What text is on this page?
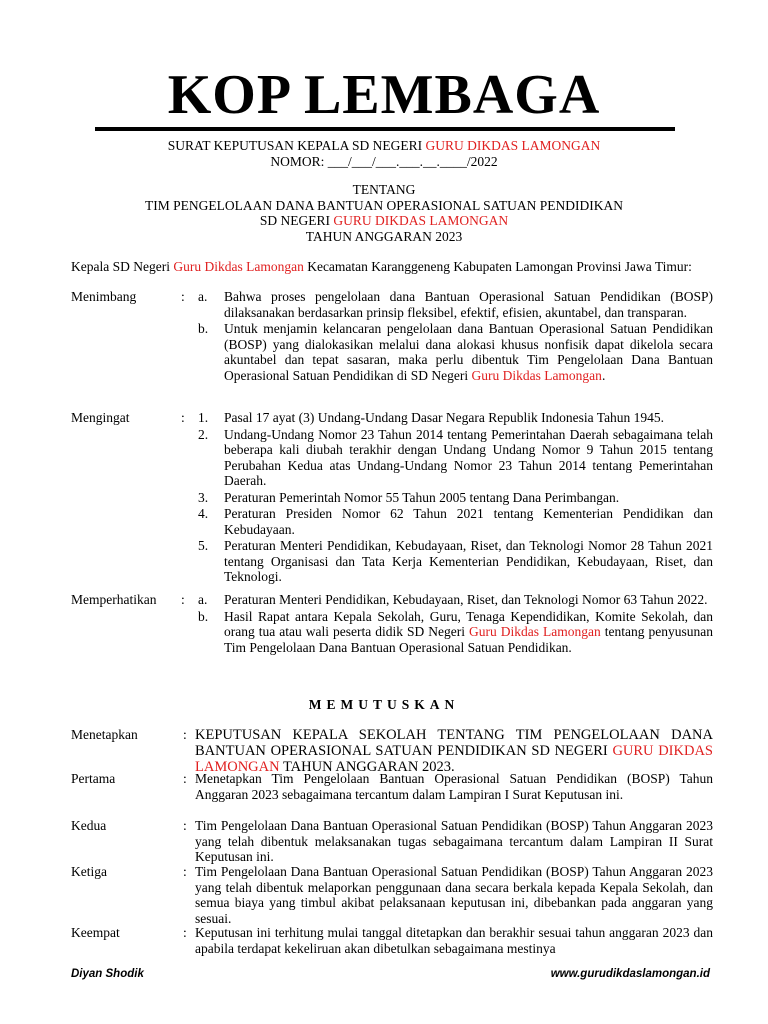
KOP LEMBAGA
SURAT KEPUTUSAN KEPALA SD NEGERI GURU DIKDAS LAMONGAN
NOMOR: ___/___/___.___.__.____/2022
TENTANG
TIM PENGELOLAAN DANA BANTUAN OPERASIONAL SATUAN PENDIDIKAN
SD NEGERI GURU DIKDAS LAMONGAN
TAHUN ANGGARAN 2023
Kepala SD Negeri Guru Dikdas Lamongan Kecamatan Karanggeneng Kabupaten Lamongan Provinsi Jawa Timur:
Menimbang	: a.	Bahwa proses pengelolaan dana Bantuan Operasional Satuan Pendidikan (BOSP) dilaksanakan berdasarkan prinsip fleksibel, efektif, efisien, akuntabel, dan transparan.
b.	Untuk menjamin kelancaran pengelolaan dana Bantuan Operasional Satuan Pendidikan (BOSP) yang dialokasikan melalui dana alokasi khusus nonfisik dapat dikelola secara akuntabel dan tepat sasaran, maka perlu dibentuk Tim Pengelolaan Dana Bantuan Operasional Satuan Pendidikan di SD Negeri Guru Dikdas Lamongan.
Mengingat	: 1.	Pasal 17 ayat (3) Undang-Undang Dasar Negara Republik Indonesia Tahun 1945.
2.	Undang-Undang Nomor 23 Tahun 2014 tentang Pemerintahan Daerah sebagaimana telah beberapa kali diubah terakhir dengan Undang Undang Nomor 9 Tahun 2015 tentang Perubahan Kedua atas Undang-Undang Nomor 23 Tahun 2014 tentang Pemerintahan Daerah.
3.	Peraturan Pemerintah Nomor 55 Tahun 2005 tentang Dana Perimbangan.
4.	Peraturan Presiden Nomor 62 Tahun 2021 tentang Kementerian Pendidikan dan Kebudayaan.
5.	Peraturan Menteri Pendidikan, Kebudayaan, Riset, dan Teknologi Nomor 28 Tahun 2021 tentang Organisasi dan Tata Kerja Kementerian Pendidikan, Kebudayaan, Riset, dan Teknologi.
Memperhatikan : a.	Peraturan Menteri Pendidikan, Kebudayaan, Riset, dan Teknologi Nomor 63 Tahun 2022.
b.	Hasil Rapat antara Kepala Sekolah, Guru, Tenaga Kependidikan, Komite Sekolah, dan orang tua atau wali peserta didik SD Negeri Guru Dikdas Lamongan tentang penyusunan Tim Pengelolaan Dana Bantuan Operasional Satuan Pendidikan.
MEMUTUSKAN
Menetapkan	: KEPUTUSAN KEPALA SEKOLAH TENTANG TIM PENGELOLAAN DANA BANTUAN OPERASIONAL SATUAN PENDIDIKAN SD NEGERI GURU DIKDAS LAMONGAN TAHUN ANGGARAN 2023.
Pertama	: Menetapkan Tim Pengelolaan Bantuan Operasional Satuan Pendidikan (BOSP) Tahun Anggaran 2023 sebagaimana tercantum dalam Lampiran I Surat Keputusan ini.
Kedua	: Tim Pengelolaan Dana Bantuan Operasional Satuan Pendidikan (BOSP) Tahun Anggaran 2023 yang telah dibentuk melaksanakan tugas sebagaimana tercantum dalam Lampiran II Surat Keputusan ini.
Ketiga	: Tim Pengelolaan Dana Bantuan Operasional Satuan Pendidikan (BOSP) Tahun Anggaran 2023 yang telah dibentuk melaporkan penggunaan dana secara berkala kepada Kepala Sekolah, dan semua biaya yang timbul akibat pelaksanaan keputusan ini, dibebankan pada anggaran yang sesuai.
Keempat	: Keputusan ini terhitung mulai tanggal ditetapkan dan berakhir sesuai tahun anggaran 2023 dan apabila terdapat kekeliruan akan dibetulkan sebagaimana mestinya
Diyan Shodik	www.gurudikdaslamongan.id
